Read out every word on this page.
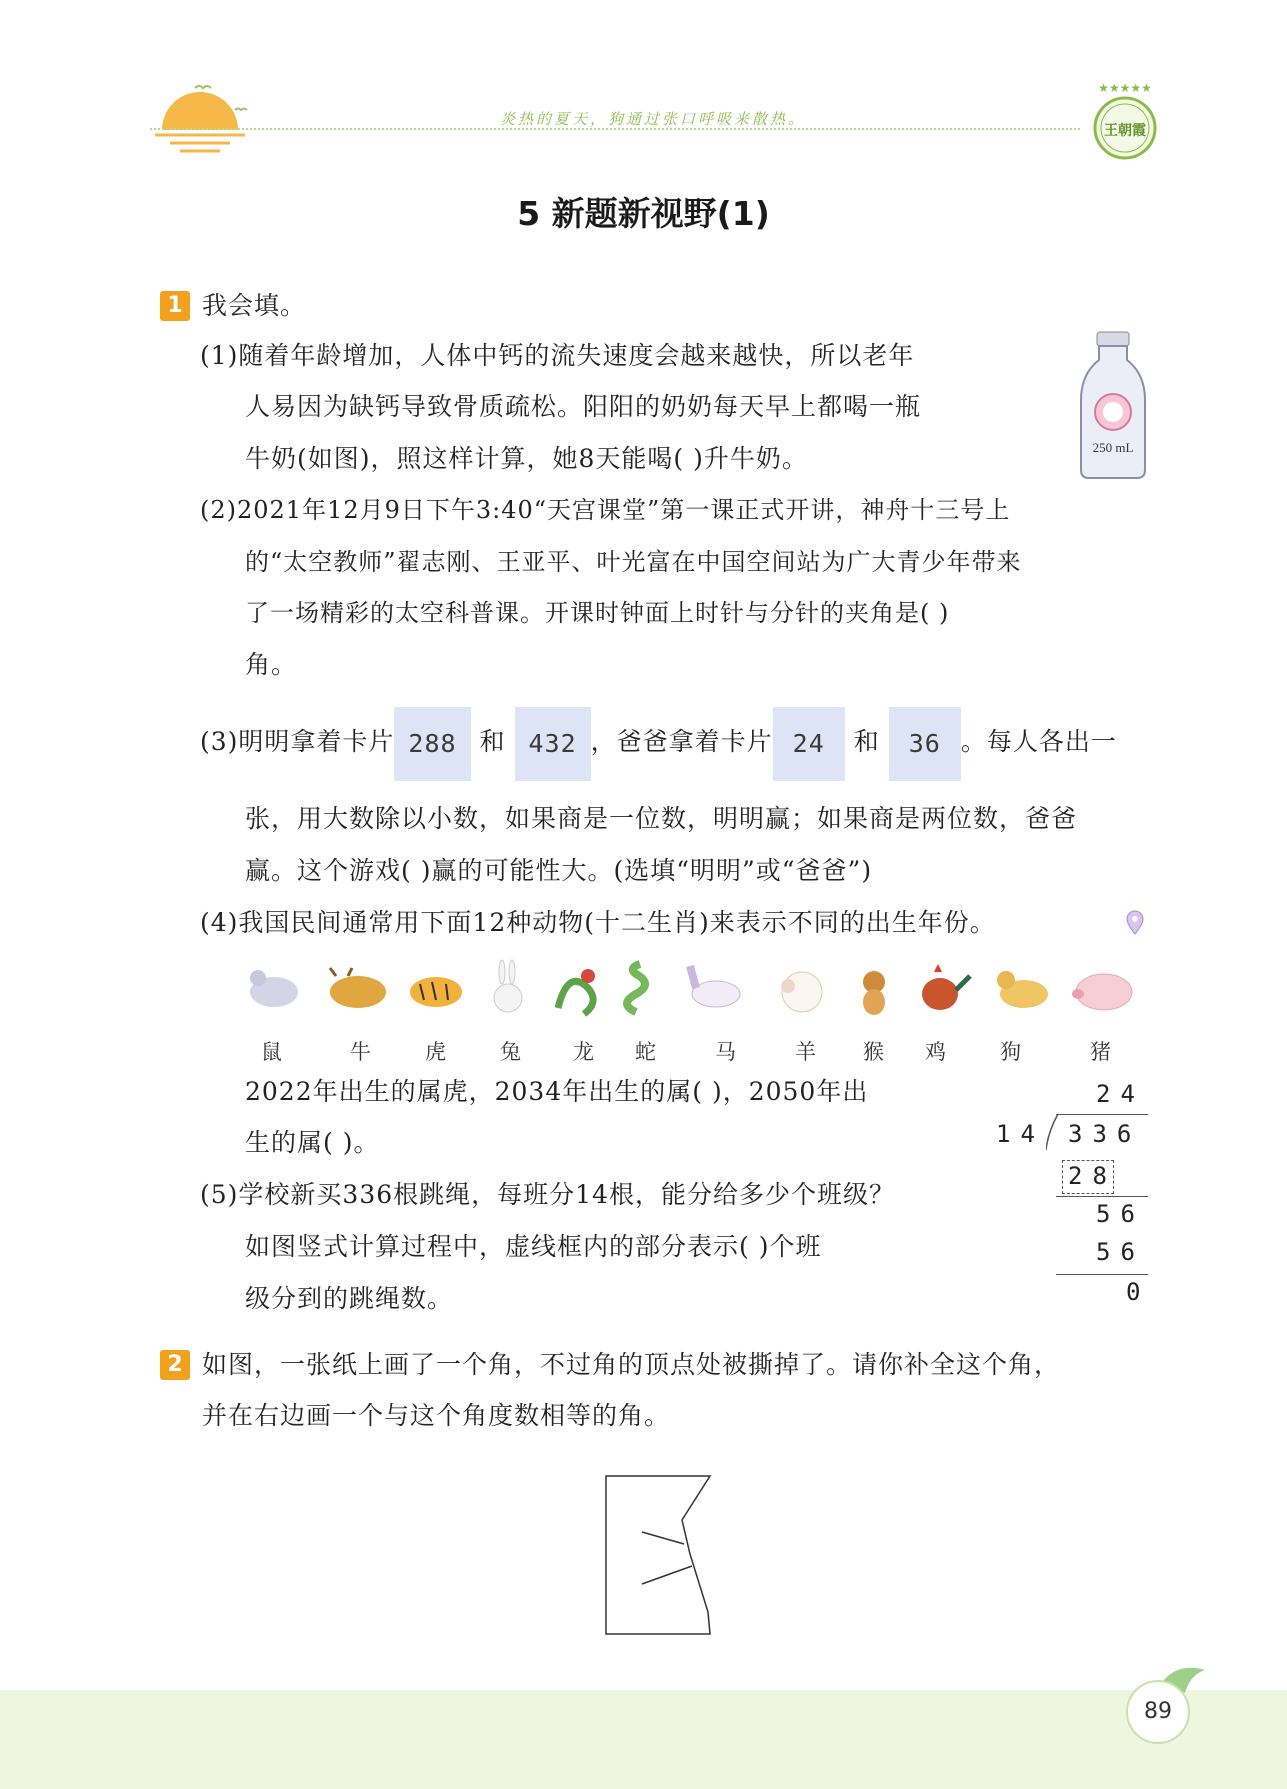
炎热的夏天，狗通过张口呼吸来散热。
★★★★★
王朝霞
5 新题新视野(1)
1 我会填。
(1)随着年龄增加，人体中钙的流失速度会越来越快，所以老年
人易因为缺钙导致骨质疏松。阳阳的奶奶每天早上都喝一瓶
牛奶(如图)，照这样计算，她8天能喝( )升牛奶。	250 mL
(2)2021年12月9日下午3:40“天宫课堂”第一课正式开讲，神舟十三号上
的“太空教师”翟志刚、王亚平、叶光富在中国空间站为广大青少年带来
了一场精彩的太空科普课。开课时钟面上时针与分针的夹角是( )
角。
(3)明明拿着卡片 288 和 432 ，爸爸拿着卡片 24 和 36 。每人各出一
张，用大数除以小数，如果商是一位数，明明赢；如果商是两位数，爸爸
赢。这个游戏( )赢的可能性大。(选填“明明”或“爸爸”)
(4)我国民间通常用下面12种动物(十二生肖)来表示不同的出生年份。
鼠	牛	虎	兔 龙 蛇	马	羊 猴 鸡	狗	猪
2022年出生的属虎，2034年出生的属( )，2050年出
生的属( )。
(5)学校新买336根跳绳，每班分14根，能分给多少个班级？
如图竖式计算过程中，虚线框内的部分表示( )个班
级分到的跳绳数。
24
14 336
28
56
56
0
2 如图，一张纸上画了一个角，不过角的顶点处被撕掉了。请你补全这个角，
并在右边画一个与这个角度数相等的角。
89
